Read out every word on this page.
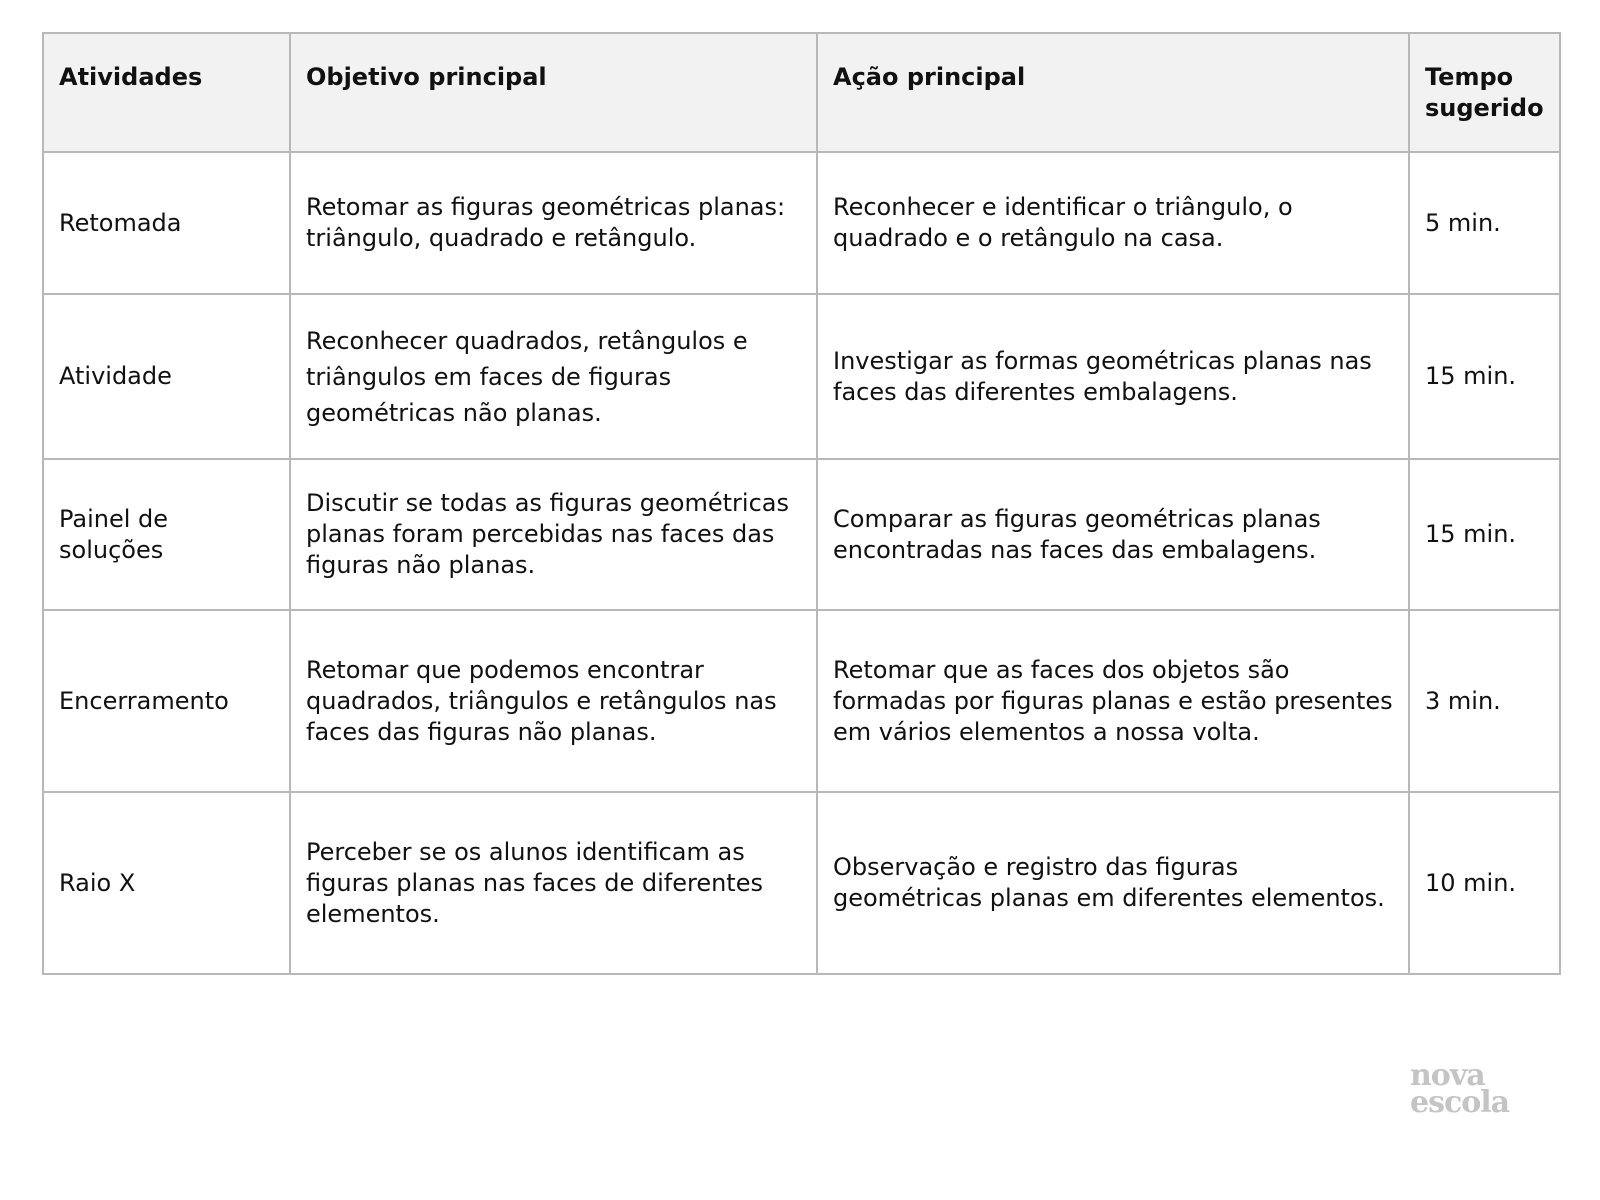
Atividades	Objetivo principal	Ação principal	Tempo sugerido
Retomada	Retomar as figuras geométricas planas: triângulo, quadrado e retângulo.	Reconhecer e identificar o triângulo, o quadrado e o retângulo na casa.	5 min.
Atividade	Reconhecer quadrados, retângulos e triângulos em faces de figuras geométricas não planas.	Investigar as formas geométricas planas nas faces das diferentes embalagens.	15 min.
Painel de soluções	Discutir se todas as figuras geométricas planas foram percebidas nas faces das figuras não planas.	Comparar as figuras geométricas planas encontradas nas faces das embalagens.	15 min.
Encerramento	Retomar que podemos encontrar quadrados, triângulos e retângulos nas faces das figuras não planas.	Retomar que as faces dos objetos são formadas por figuras planas e estão presentes em vários elementos a nossa volta.	3 min.
Raio X	Perceber se os alunos identificam as figuras planas nas faces de diferentes elementos.	Observação e registro das figuras geométricas planas em diferentes elementos.	10 min.
nova
escola
